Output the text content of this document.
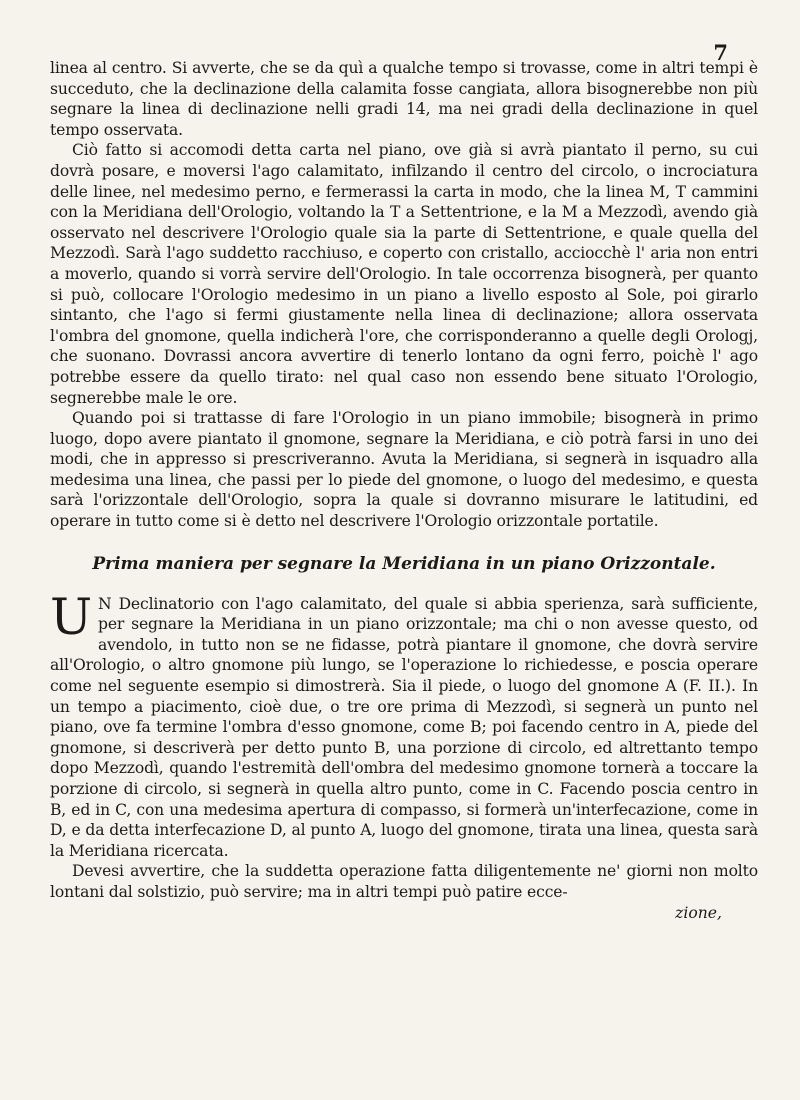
7

linea al centro. Si avverte, che se da quì a qualche tempo si trovasse, come in altri tempi è succeduto, che la declinazione della calamita fosse cangiata, allora bisognerebbe non più segnare la linea di declinazione nelli gradi 14, ma nei gradi della declinazione in quel tempo osservata.

Ciò fatto si accomodi detta carta nel piano, ove già si avrà piantato il perno, su cui dovrà posare, e moversi l'ago calamitato, infilzando il centro del circolo, o incrociatura delle linee, nel medesimo perno, e fermerassi la carta in modo, che la linea M, T cammini con la Meridiana dell'Orologio, voltando la T a Settentrione, e la M a Mezzodì, avendo già osservato nel descrivere l'Orologio quale sia la parte di Settentrione, e quale quella del Mezzodì. Sarà l'ago suddetto racchiuso, e coperto con cristallo, acciocchè l' aria non entri a moverlo, quando si vorrà servire dell'Orologio. In tale occorrenza bisognerà, per quanto si può, collocare l'Orologio medesimo in un piano a livello esposto al Sole, poi girarlo sintanto, che l'ago si fermi giustamente nella linea di declinazione; allora osservata l'ombra del gnomone, quella indicherà l'ore, che corrisponderanno a quelle degli Orologj, che suonano. Dovrassi ancora avvertire di tenerlo lontano da ogni ferro, poichè l' ago potrebbe essere da quello tirato: nel qual caso non essendo bene situato l'Orologio, segnerebbe male le ore.

Quando poi si trattasse di fare l'Orologio in un piano immobile; bisognerà in primo luogo, dopo avere piantato il gnomone, segnare la Meridiana, e ciò potrà farsi in uno dei modi, che in appresso si prescriveranno. Avuta la Meridiana, si segnerà in isquadro alla medesima una linea, che passi per lo piede del gnomone, o luogo del medesimo, e questa sarà l'orizzontale dell'Orologio, sopra la quale si dovranno misurare le latitudini, ed operare in tutto come si è detto nel descrivere l'Orologio orizzontale portatile.

Prima maniera per segnare la Meridiana in un piano Orizzontale.

U N Declinatorio con l'ago calamitato, del quale si abbia sperienza, sarà sufficiente, per segnare la Meridiana in un piano orizzontale; ma chi o non avesse questo, od avendolo, in tutto non se ne fidasse, potrà piantare il gnomone, che dovrà servire all'Orologio, o altro gnomone più lungo, se l'operazione lo richiedesse, e poscia operare come nel seguente esempio si dimostrerà. Sia il piede, o luogo del gnomone A (F. II.). In un tempo a piacimento, cioè due, o tre ore prima di Mezzodì, si segnerà un punto nel piano, ove fa termine l'ombra d'esso gnomone, come B; poi facendo centro in A, piede del gnomone, si descriverà per detto punto B, una porzione di circolo, ed altrettanto tempo dopo Mezzodì, quando l'estremità dell'ombra del medesimo gnomone tornerà a toccare la porzione di circolo, si segnerà in quella altro punto, come in C. Facendo poscia centro in B, ed in C, con una medesima apertura di compasso, si formerà un'interfecazione, come in D, e da detta interfecazione D, al punto A, luogo del gnomone, tirata una linea, questa sarà la Meridiana ricercata.

Devesi avvertire, che la suddetta operazione fatta diligentemente ne' giorni non molto lontani dal solstizio, può servire; ma in altri tempi può patire ecce-

zione,
